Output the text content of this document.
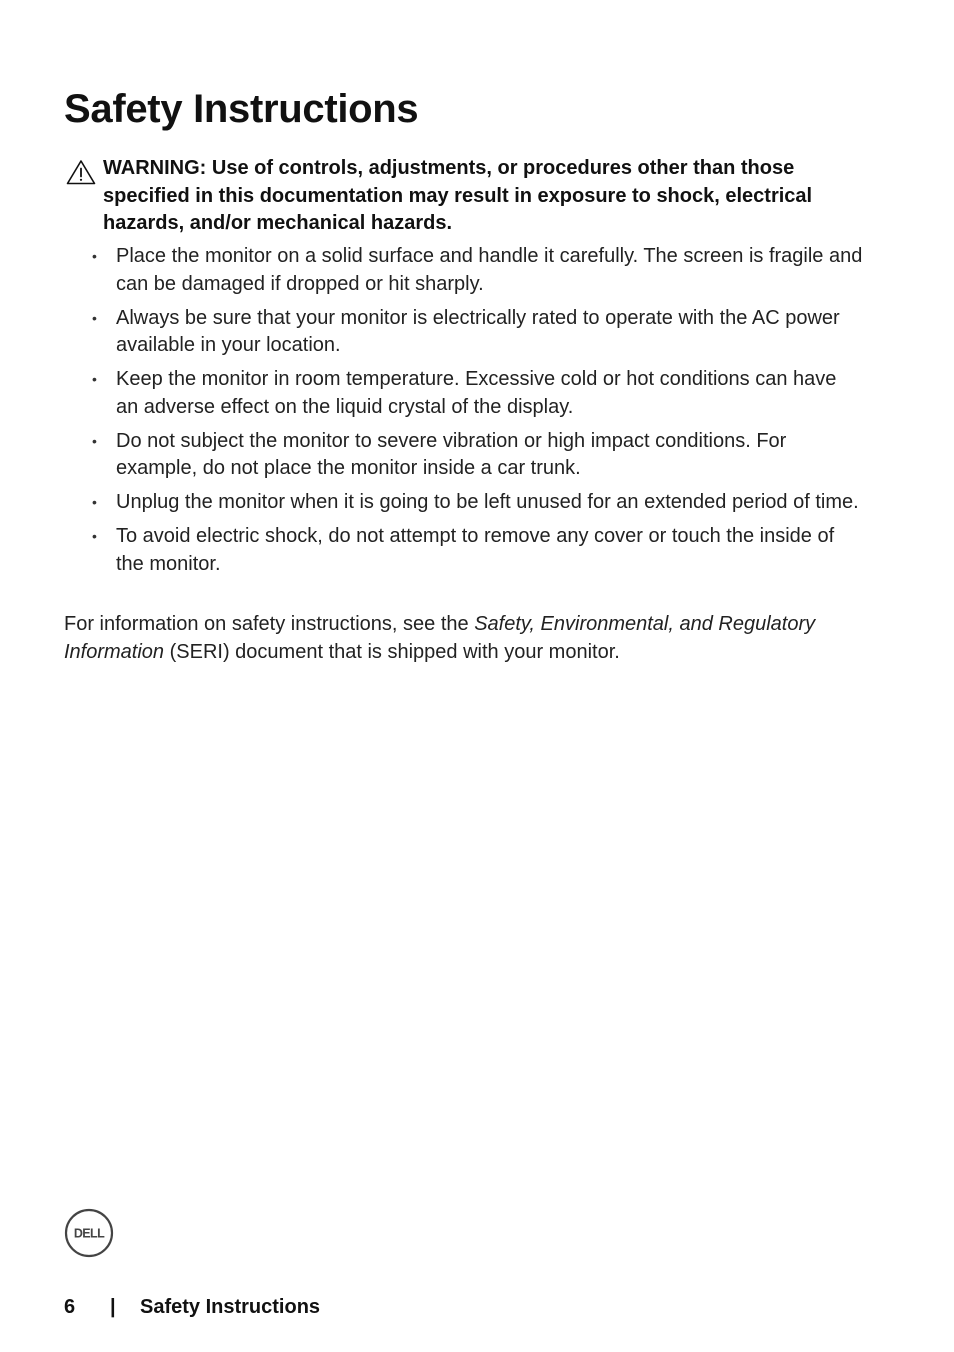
Safety Instructions
WARNING: Use of controls, adjustments, or procedures other than those specified in this documentation may result in exposure to shock, electrical hazards, and/or mechanical hazards.
• Place the monitor on a solid surface and handle it carefully. The screen is fragile and can be damaged if dropped or hit sharply.
• Always be sure that your monitor is electrically rated to operate with the AC power available in your location.
• Keep the monitor in room temperature. Excessive cold or hot conditions can have an adverse effect on the liquid crystal of the display.
• Do not subject the monitor to severe vibration or high impact conditions. For example, do not place the monitor inside a car trunk.
• Unplug the monitor when it is going to be left unused for an extended period of time.
• To avoid electric shock, do not attempt to remove any cover or touch the inside of the monitor.

For information on safety instructions, see the Safety, Environmental, and Regulatory Information (SERI) document that is shipped with your monitor.

DELL
6 | Safety Instructions
